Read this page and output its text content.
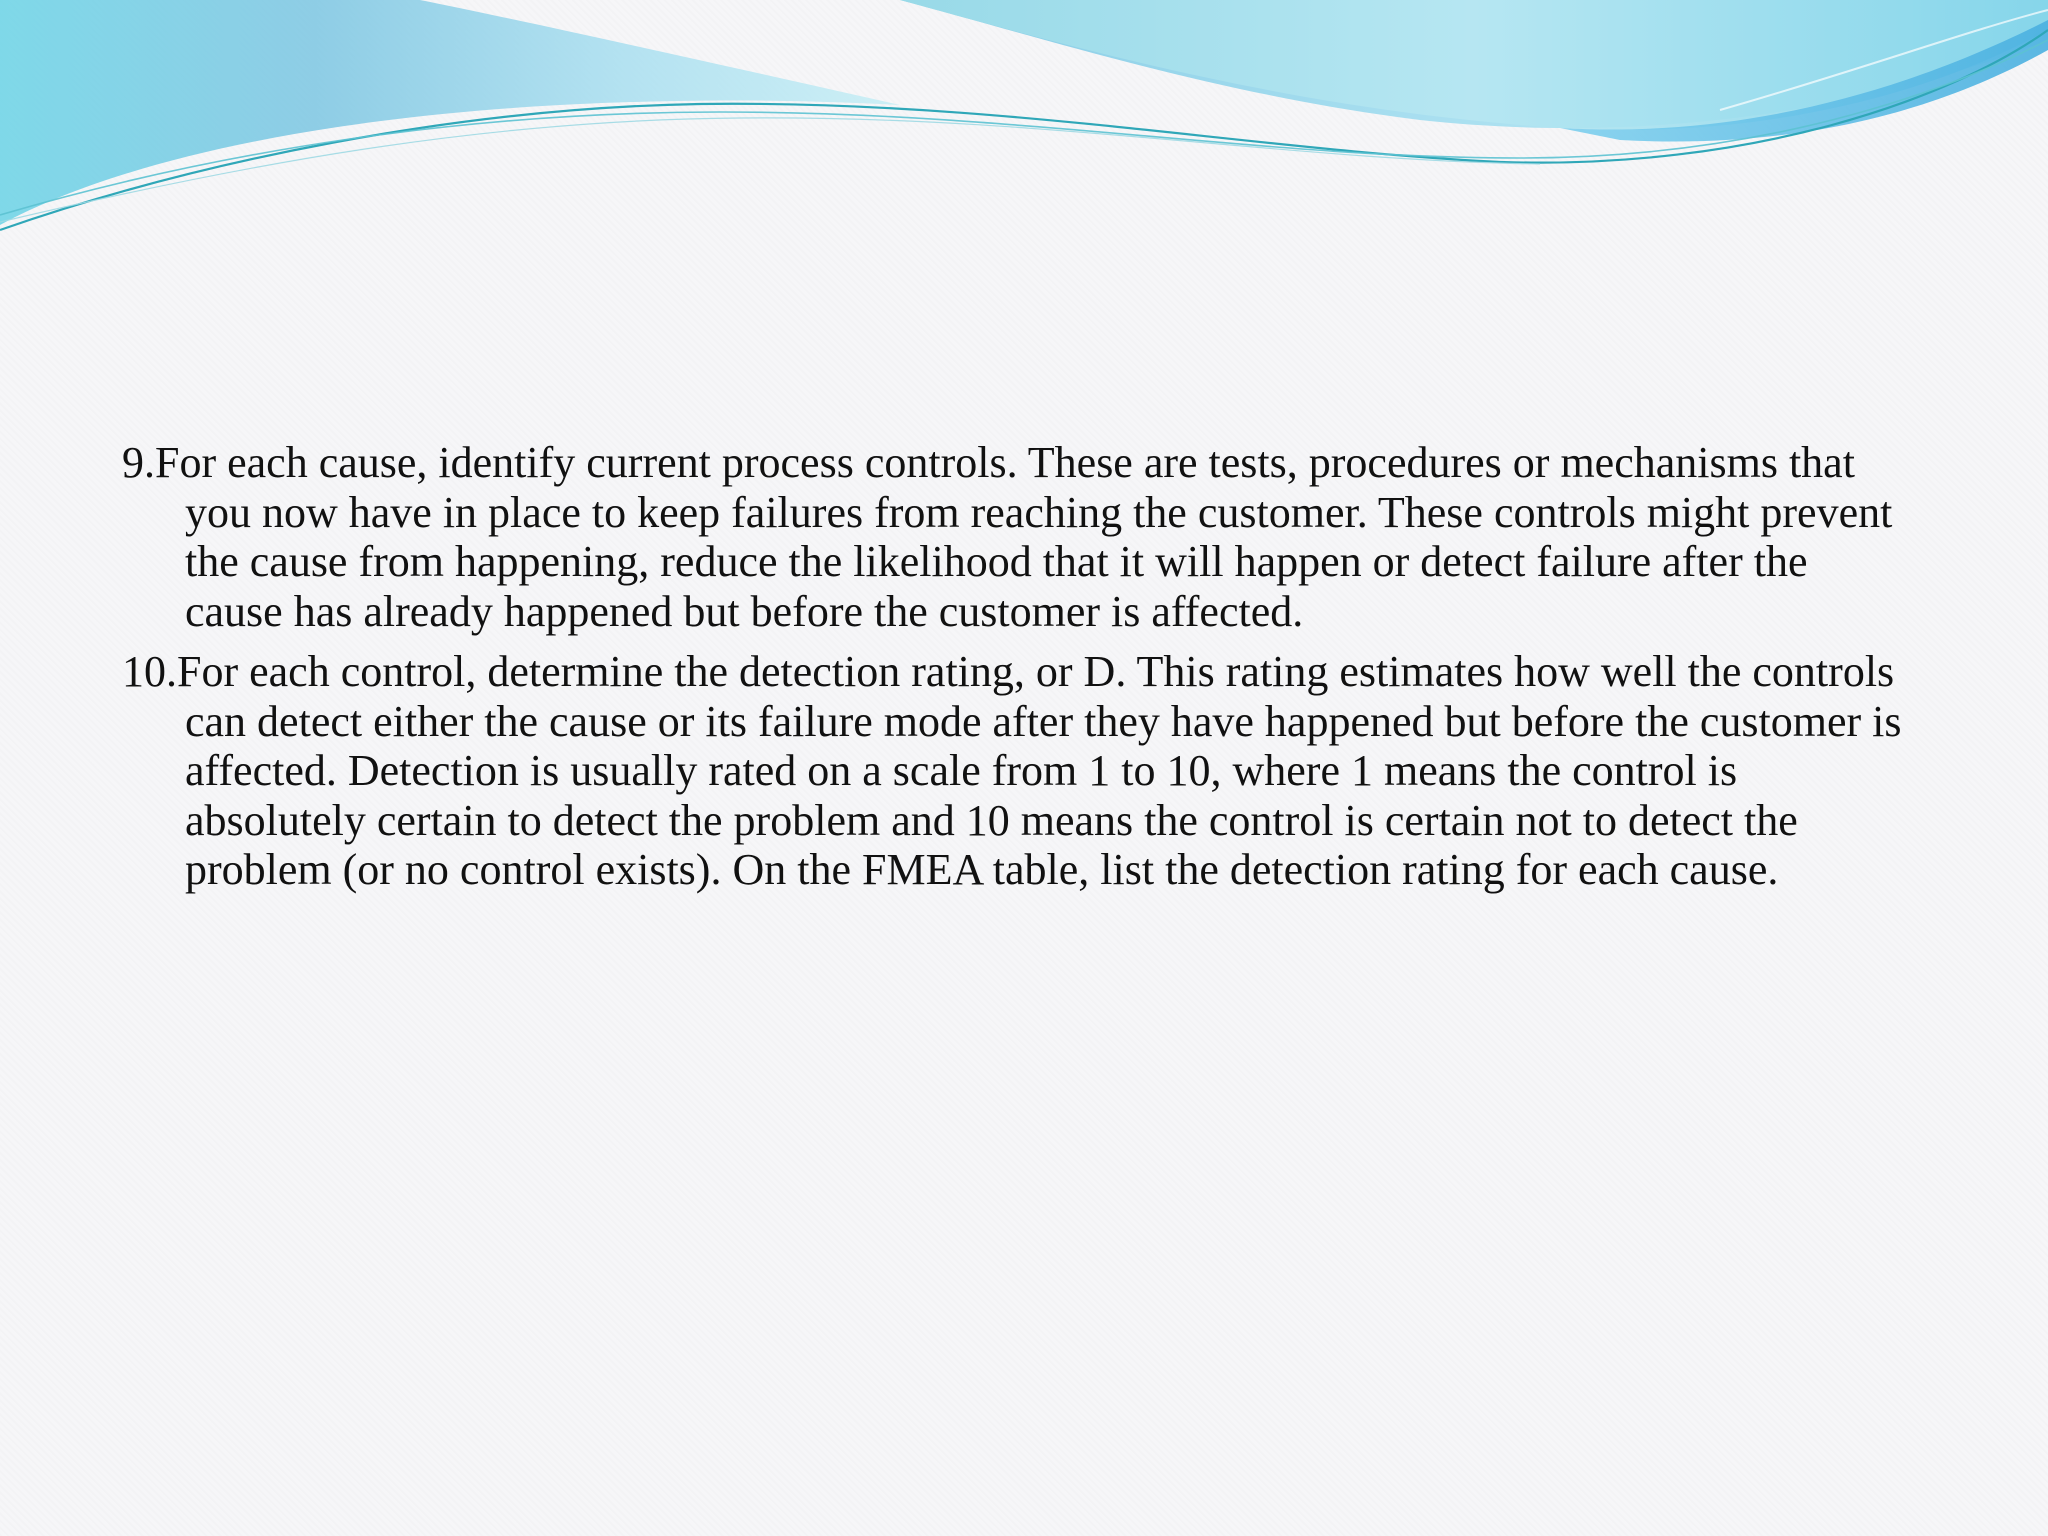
9.For each cause, identify current process controls. These are tests, procedures or mechanisms that you now have in place to keep failures from reaching the customer. These controls might prevent the cause from happening, reduce the likelihood that it will happen or detect failure after the cause has already happened but before the customer is affected.
10.For each control, determine the detection rating, or D. This rating estimates how well the controls can detect either the cause or its failure mode after they have happened but before the customer is affected. Detection is usually rated on a scale from 1 to 10, where 1 means the control is absolutely certain to detect the problem and 10 means the control is certain not to detect the problem (or no control exists). On the FMEA table, list the detection rating for each cause.
